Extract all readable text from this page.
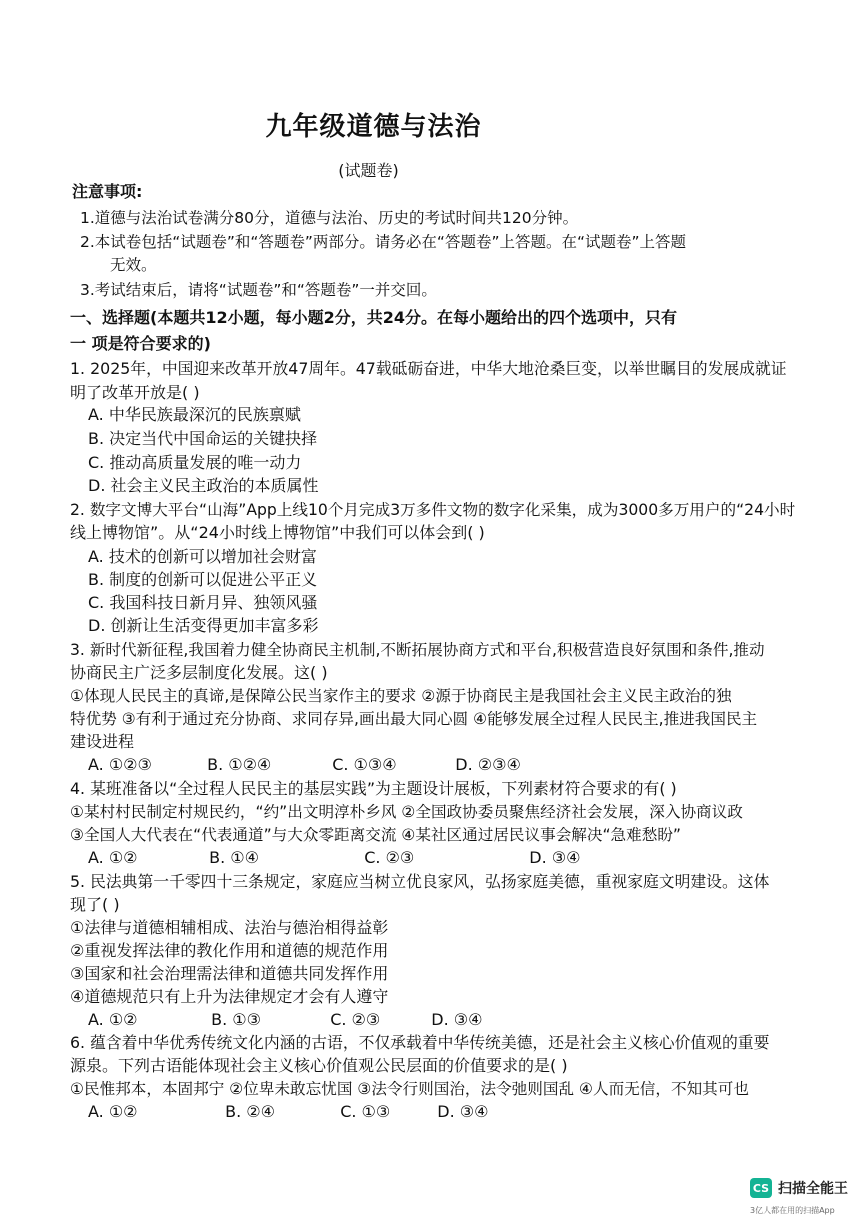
九年级道德与法治
(试题卷)
注意事项:
1.道德与法治试卷满分80分，道德与法治、历史的考试时间共120分钟。
2.本试卷包括“试题卷”和“答题卷”两部分。请务必在“答题卷”上答题。在“试题卷”上答题
无效。
3.考试结束后，请将“试题卷”和“答题卷”一并交回。
一、选择题(本题共12小题，每小题2分，共24分。在每小题给出的四个选项中，只有
一 项是符合要求的)
1. 2025年，中国迎来改革开放47周年。47载砥砺奋进，中华大地沧桑巨变，以举世瞩目的发展成就证
明了改革开放是( )
A. 中华民族最深沉的民族禀赋
B. 决定当代中国命运的关键抉择
C. 推动高质量发展的唯一动力
D. 社会主义民主政治的本质属性
2. 数字文博大平台“山海”App上线10个月完成3万多件文物的数字化采集，成为3000多万用户的“24小时
线上博物馆”。从“24小时线上博物馆”中我们可以体会到( )
A. 技术的创新可以增加社会财富
B. 制度的创新可以促进公平正义
C. 我国科技日新月异、独领风骚
D. 创新让生活变得更加丰富多彩
3. 新时代新征程,我国着力健全协商民主机制,不断拓展协商方式和平台,积极营造良好氛围和条件,推动
协商民主广泛多层制度化发展。这( )
①体现人民民主的真谛,是保障公民当家作主的要求 ②源于协商民主是我国社会主义民主政治的独
特优势 ③有利于通过充分协商、求同存异,画出最大同心圆 ④能够发展全过程人民民主,推进我国民主
建设进程
A. ①②③	B. ①②④	C. ①③④	D. ②③④
4. 某班准备以“全过程人民民主的基层实践”为主题设计展板，下列素材符合要求的有( )
①某村村民制定村规民约，“约”出文明淳朴乡风 ②全国政协委员聚焦经济社会发展，深入协商议政
③全国人大代表在“代表通道”与大众零距离交流 ④某社区通过居民议事会解决“急难愁盼”
A. ①②	B. ①④	C. ②③	D. ③④
5. 民法典第一千零四十三条规定，家庭应当树立优良家风，弘扬家庭美德，重视家庭文明建设。这体
现了( )
①法律与道德相辅相成、法治与德治相得益彰
②重视发挥法律的教化作用和道德的规范作用
③国家和社会治理需法律和道德共同发挥作用
④道德规范只有上升为法律规定才会有人遵守
A. ①②	B. ①③	C. ②③	D. ③④
6. 蕴含着中华优秀传统文化内涵的古语，不仅承载着中华传统美德，还是社会主义核心价值观的重要
源泉。下列古语能体现社会主义核心价值观公民层面的价值要求的是( )
①民惟邦本，本固邦宁 ②位卑未敢忘忧国 ③法令行则国治，法令弛则国乱 ④人而无信，不知其可也
A. ①②	B. ②④	C. ①③	D. ③④
CS 扫描全能王
3亿人都在用的扫描App
